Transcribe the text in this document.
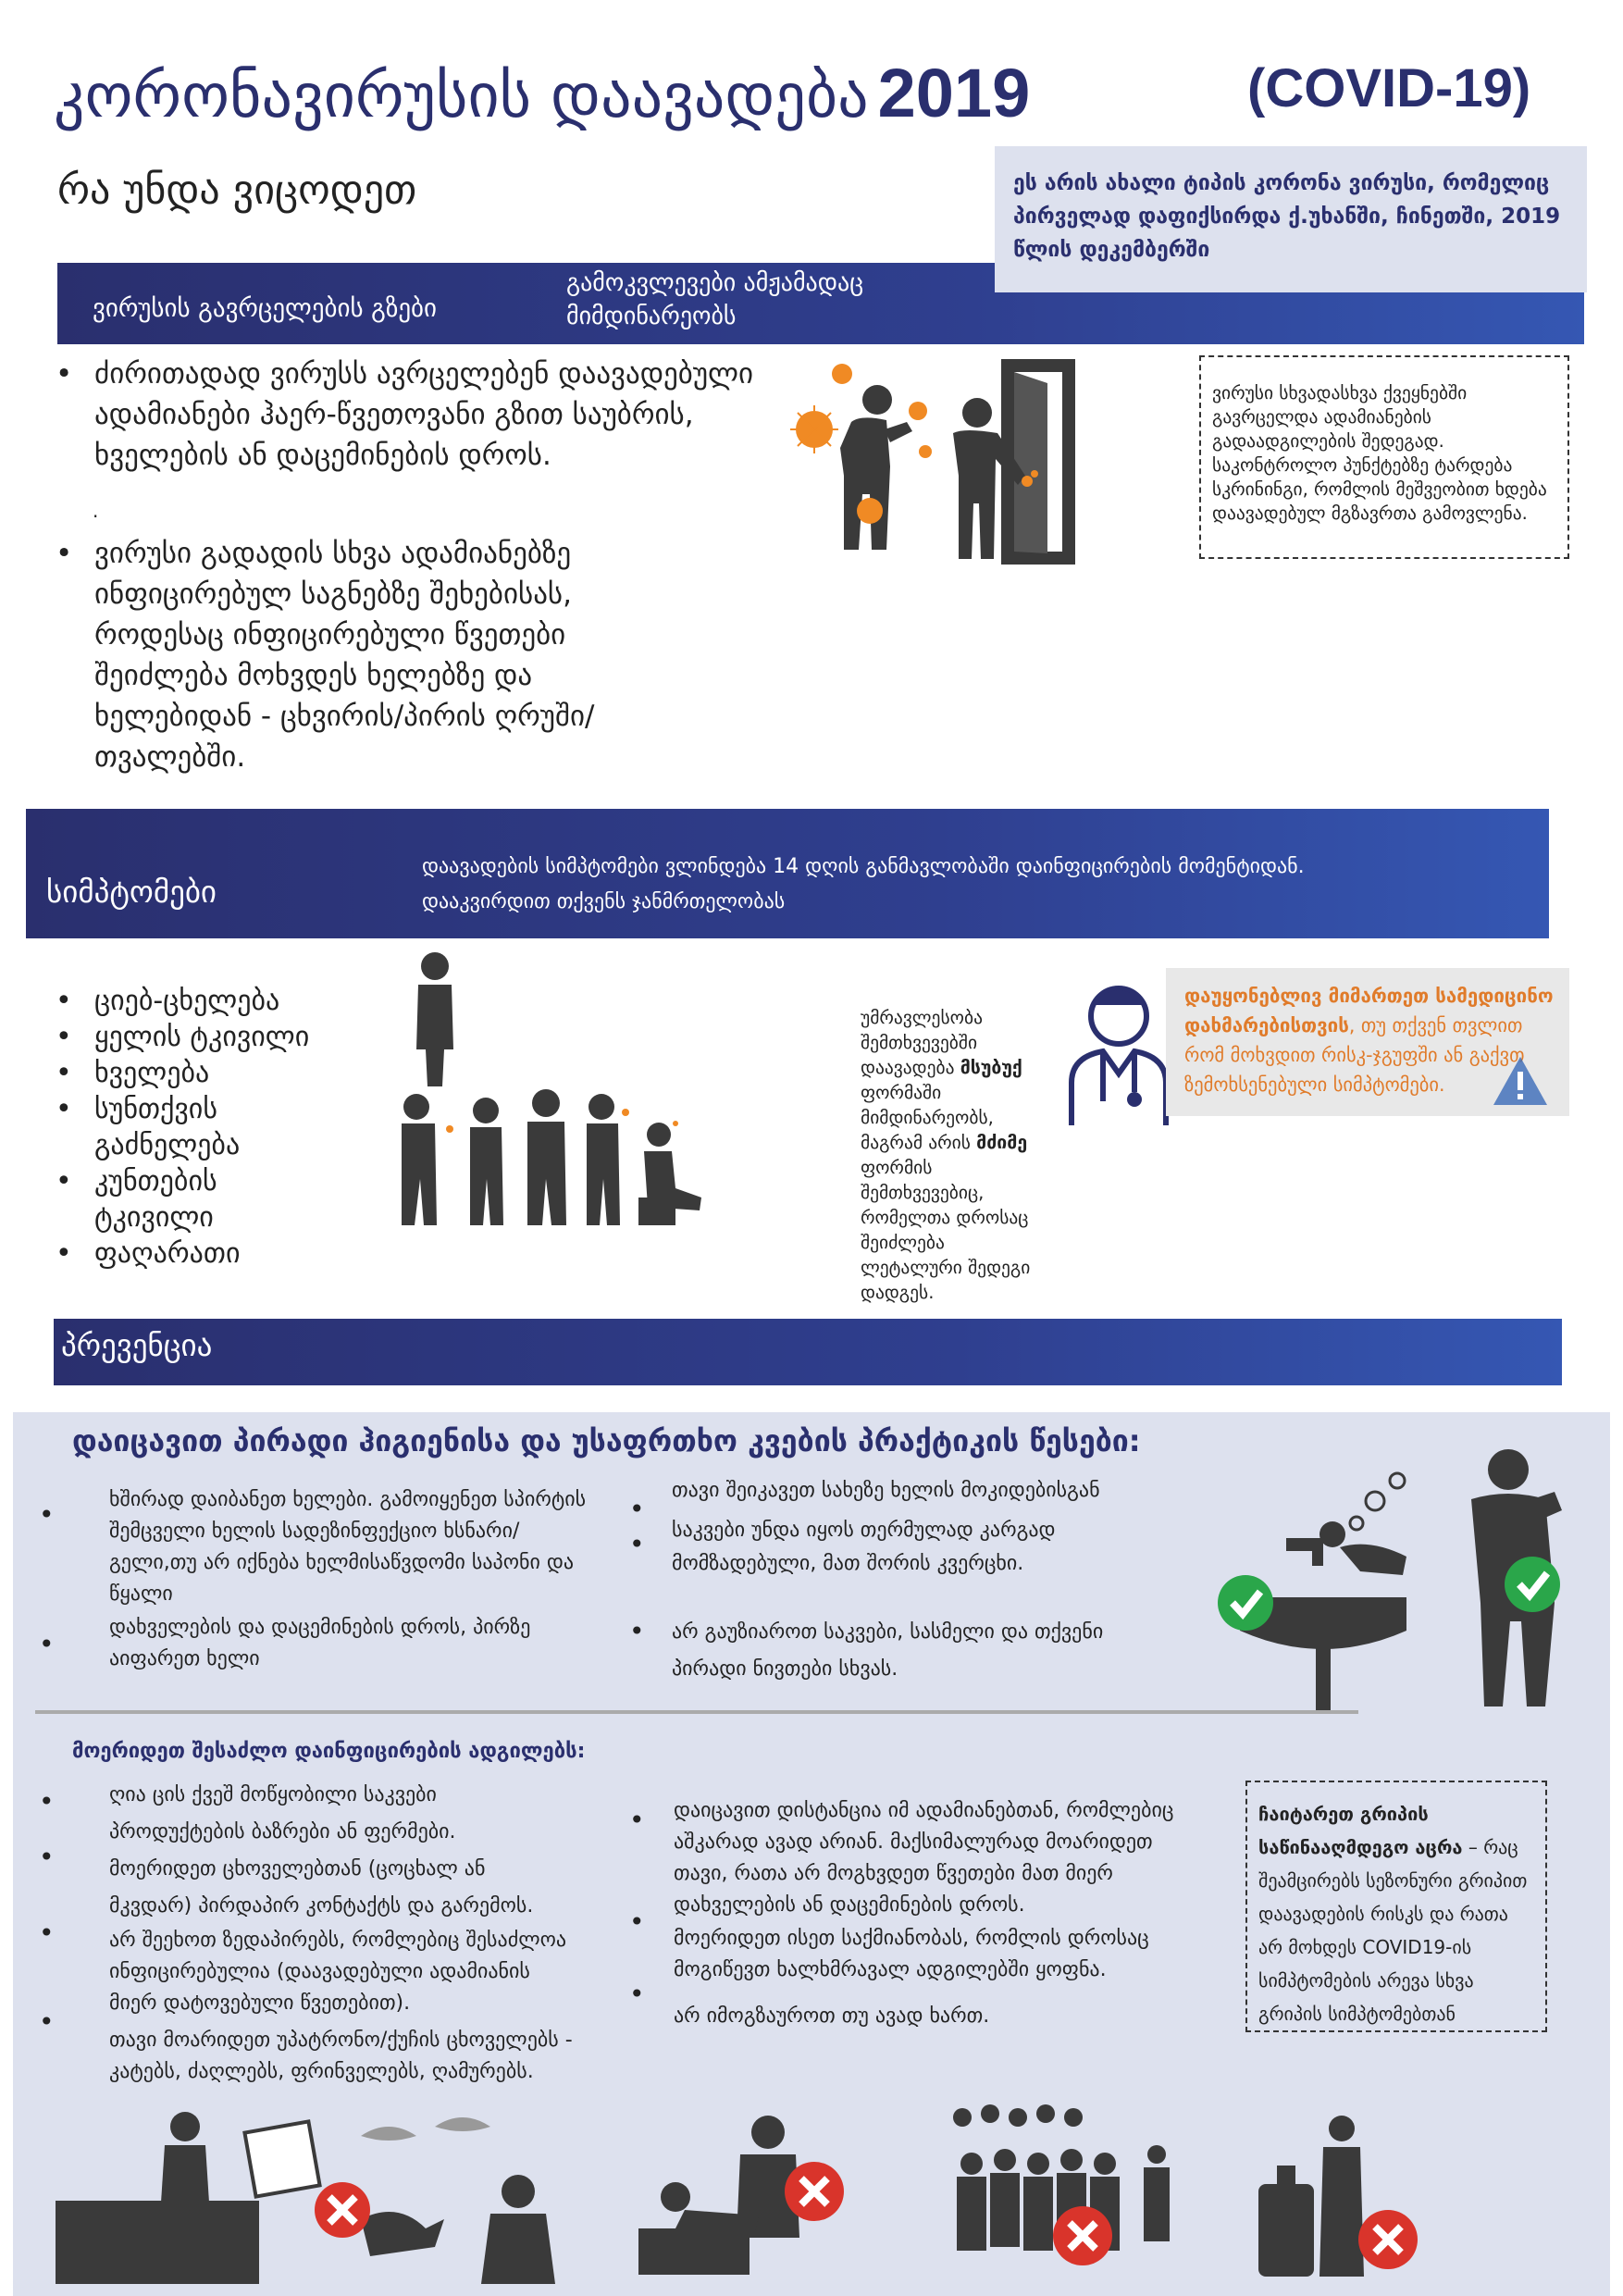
კორონავირუსის დაავადება 2019	(COVID-19)
რა უნდა ვიცოდეთ
ვირუსის გავრცელების გზები
გამოკვლევები ამჟამადაც მიმდინარეობს
ეს არის ახალი ტიპის კორონა ვირუსი, რომელიც პირველად დაფიქსირდა ქ.უხანში, ჩინეთში, 2019 წლის დეკემბერში
• ძირითადად ვირუსს ავრცელებენ დაავადებული ადამიანები ჰაერ-წვეთოვანი გზით საუბრის, ხველების ან დაცემინების დროს.
• ვირუსი გადადის სხვა ადამიანებზე ინფიცირებულ საგნებზე შეხებისას, როდესაც ინფიცირებული წვეთები შეიძლება მოხვდეს ხელებზე და ხელებიდან - ცხვირის/პირის ღრუში/თვალებში.
.
ვირუსი სხვადასხვა ქვეყნებში გავრცელდა ადამიანების გადაადგილების შედეგად. საკონტროლო პუნქტებზე ტარდება სკრინინგი, რომლის მეშვეობით ხდება დაავადებულ მგზავრთა გამოვლენა.
სიმპტომები
დაავადების სიმპტომები ვლინდება 14 დღის განმავლობაში დაინფიცირების მომენტიდან.
დააკვირდით თქვენს ჯანმრთელობას
• ციებ-ცხელება
• ყელის ტკივილი
• ხველება
• სუნთქვის გაძნელება
• კუნთების ტკივილი
• ფაღარათი
უმრავლესობა შემთხვევებში დაავადება მსუბუქ ფორმაში მიმდინარეობს, მაგრამ არის მძიმე ფორმის შემთხვევებიც, რომელთა დროსაც შეიძლება ლეტალური შედეგი დადგეს.
დაუყონებლივ მიმართეთ სამედიცინო დახმარებისთვის, თუ თქვენ თვლით რომ მოხვდით რისკ-ჯგუფში ან გაქვთ ზემოხსენებული სიმპტომები.
პრევენცია
დაიცავით პირადი ჰიგიენისა და უსაფრთხო კვების პრაქტიკის წესები:
•	ხშირად დაიბანეთ ხელები. გამოიყენეთ სპირტის შემცველი ხელის სადეზინფექციო ხსნარი/გელი,თუ არ იქნება ხელმისაწვდომი საპონი და წყალი
•
დახველების და დაცემინების დროს, პირზე აიფარეთ ხელი
•
თავი შეიკავეთ სახეზე ხელის მოკიდებისგან
• საკვები უნდა იყოს თერმულად კარგად მომზადებული, მათ შორის კვერცხი.
• არ გაუზიაროთ საკვები, სასმელი და თქვენი პირადი ნივთები სხვას.
მოერიდეთ შესაძლო დაინფიცირების ადგილებს:
•	ღია ცის ქვეშ მოწყობილი საკვები პროდუქტების ბაზრები ან ფერმები.
•	მოერიდეთ ცხოველებთან (ცოცხალ ან მკვდარ) პირდაპირ კონტაქტს და გარემოს.
•	არ შეეხოთ ზედაპირებს, რომლებიც შესაძლოა ინფიცირებულია (დაავადებული ადამიანის მიერ დატოვებული წვეთებით).
•
თავი მოარიდეთ უპატრონო/ქუჩის ცხოველებს - კატებს, ძაღლებს, ფრინველებს, ღამურებს.
• დაიცავით დისტანცია იმ ადამიანებთან, რომლებიც აშკარად ავად არიან. მაქსიმალურად მოარიდეთ თავი, რათა არ მოგხვდეთ წვეთები მათ მიერ დახველების ან დაცემინების დროს.
•
მოერიდეთ ისეთ საქმიანობას, რომლის დროსაც მოგიწევთ ხალხმრავალ ადგილებში ყოფნა.
•
არ იმოგზაუროთ თუ ავად ხართ.
ჩაიტარეთ გრიპის საწინააღმდეგო აცრა – რაც შეამცირებს სეზონური გრიპით დაავადების რისკს და რათა არ მოხდეს COVID19-ის სიმპტომების არევა სხვა გრიპის სიმპტომებთან
